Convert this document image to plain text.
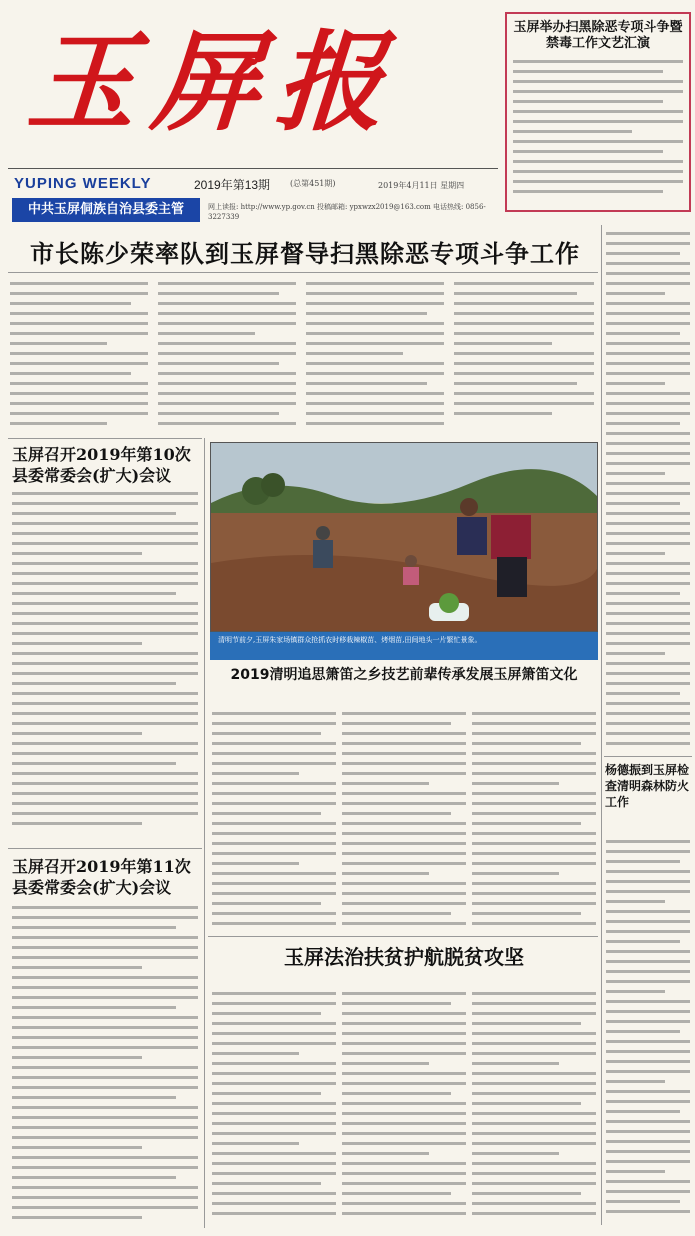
玉屏报
YUPING WEEKLY	2019年第13期 (总第451期)	2019年4月11日 星期四
中共玉屏侗族自治县委主管	网上读报: http://www.yp.gov.cn 投稿邮箱: ypxwzx2019@163.com 电话热线: 0856-3227339
玉屏举办扫黑除恶专项斗争暨禁毒工作文艺汇演
市长陈少荣率队到玉屏督导扫黑除恶专项斗争工作
玉屏召开2019年第10次县委常委会(扩大)会议
清明节前夕,玉屏朱家场镇群众抢抓农时移栽辣椒苗、烤烟苗,田间地头一片繁忙景象。
2019清明追思箫笛之乡技艺前辈传承发展玉屏箫笛文化
杨德振到玉屏检查清明森林防火工作
玉屏召开2019年第11次县委常委会(扩大)会议
玉屏法治扶贫护航脱贫攻坚
